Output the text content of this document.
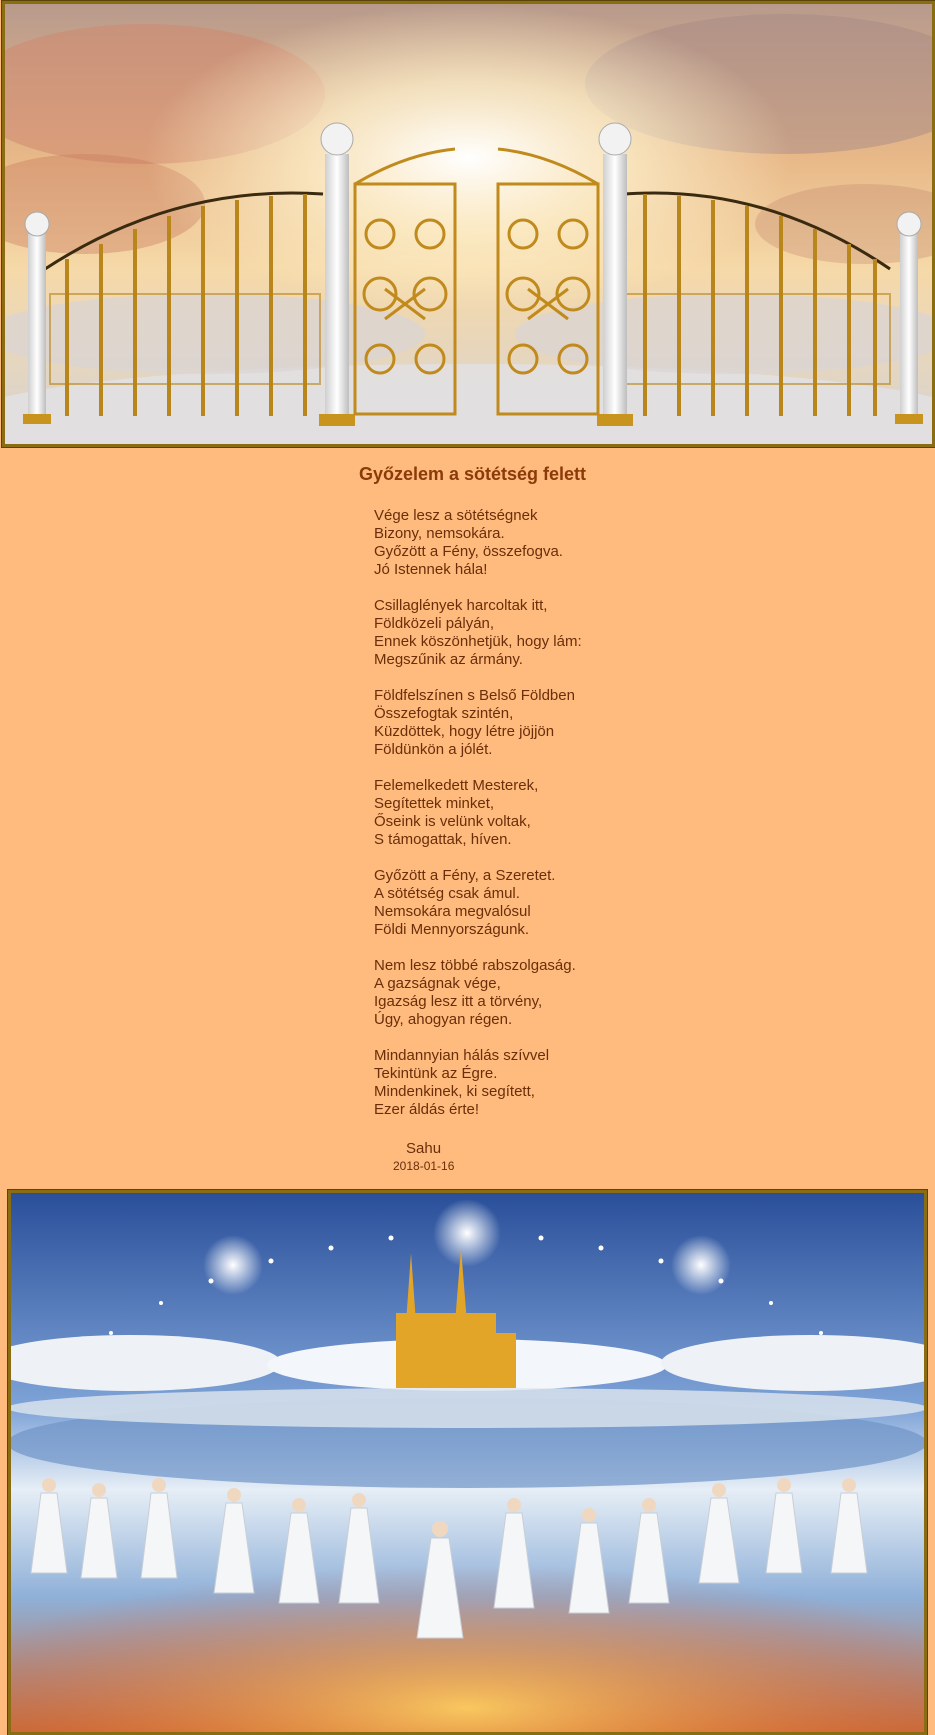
Győzelem a sötétség felett
Vége lesz a sötétségnek
Bizony, nemsokára.
Győzött a Fény, összefogva.
Jó Istennek hála!
Csillaglények harcoltak itt,
Földközeli pályán,
Ennek köszönhetjük, hogy lám:
Megszűnik az ármány.
Földfelszínen s Belső Földben
Összefogtak szintén,
Küzdöttek, hogy létre jöjjön
Földünkön a jólét.
Felemelkedett Mesterek,
Segítettek minket,
Őseink is velünk voltak,
S támogattak, híven.
Győzött a Fény, a Szeretet.
A sötétség csak ámul.
Nemsokára megvalósul
Földi Mennyországunk.
Nem lesz többé rabszolgaság.
A gazságnak vége,
Igazság lesz itt a törvény,
Úgy, ahogyan régen.
Mindannyian hálás szívvel
Tekintünk az Égre.
Mindenkinek, ki segített,
Ezer áldás érte!
Sahu
2018-01-16
